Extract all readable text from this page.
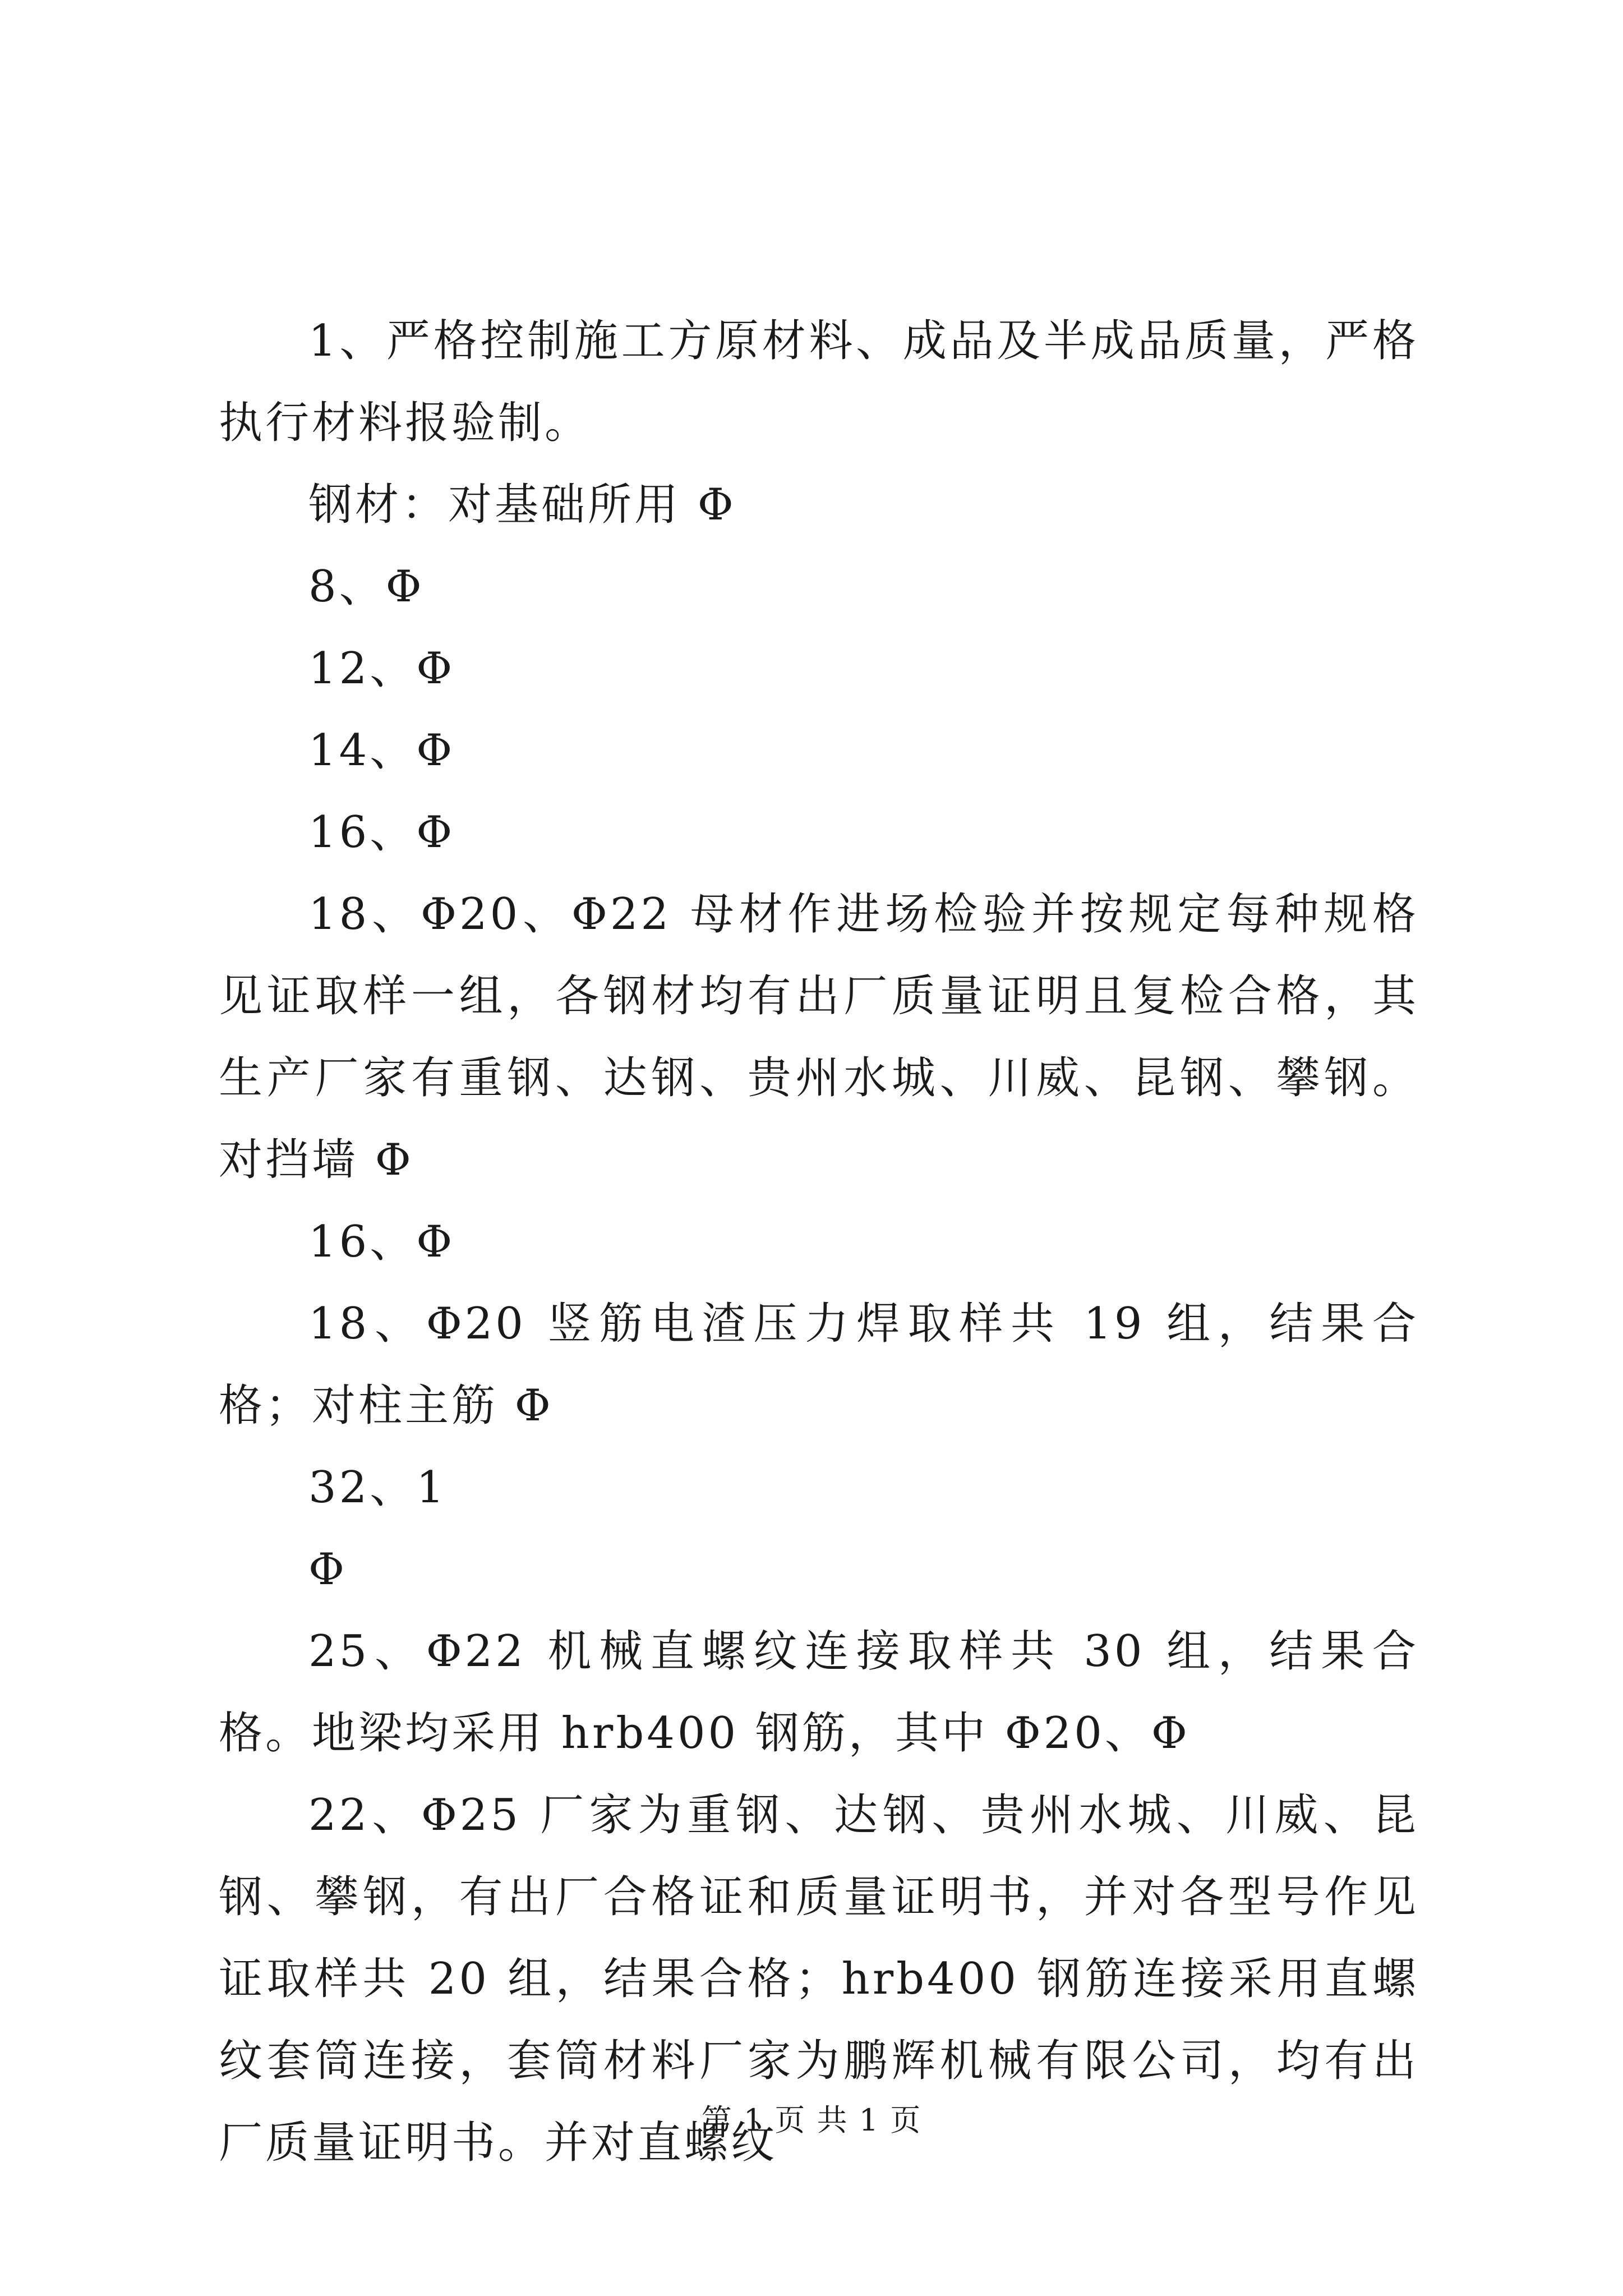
1、严格控制施工方原材料、成品及半成品质量，严格执行材料报验制。

钢材：对基础所用 Φ

8、Φ

12、Φ

14、Φ

16、Φ

18、Φ20、Φ22 母材作进场检验并按规定每种规格见证取样一组，各钢材均有出厂质量证明且复检合格，其生产厂家有重钢、达钢、贵州水城、川威、昆钢、攀钢。对挡墙 Φ

16、Φ

18、Φ20 竖筋电渣压力焊取样共 19 组，结果合格；对柱主筋 Φ

32、1

Φ

25、Φ22 机械直螺纹连接取样共 30 组，结果合格。地梁均采用 hrb400 钢筋，其中 Φ20、Φ

22、Φ25 厂家为重钢、达钢、贵州水城、川威、昆钢、攀钢，有出厂合格证和质量证明书，并对各型号作见证取样共 20 组，结果合格；hrb400 钢筋连接采用直螺纹套筒连接，套筒材料厂家为鹏辉机械有限公司，均有出厂质量证明书。并对直螺纹

第 1 页 共 1 页
